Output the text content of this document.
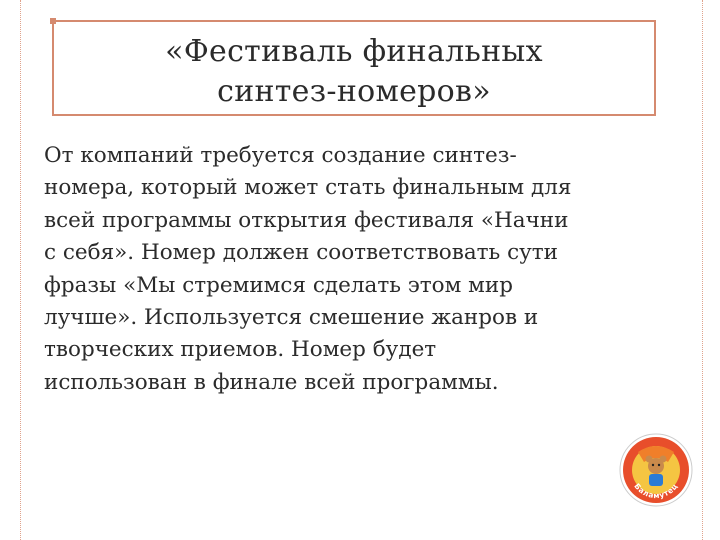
«Фестиваль финальных
синтез-номеров»
От компаний требуется создание синтез-
номера, который может стать финальным для
всей программы открытия фестиваля «Начни
с себя». Номер должен соответствовать сути
фразы «Мы стремимся сделать этом мир
лучше». Используется смешение жанров и
творческих приемов. Номер будет
использован в финале всей программы.
Баламутец
